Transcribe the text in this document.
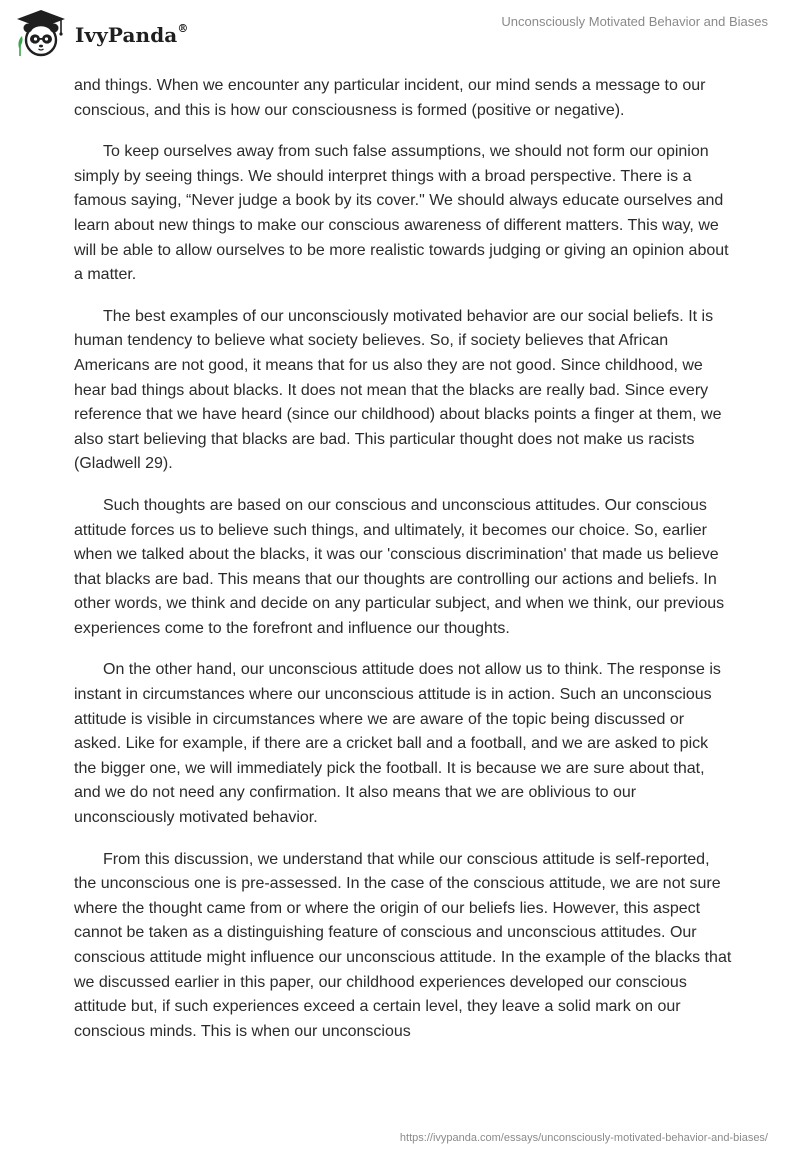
IvyPanda®	Unconsciously Motivated Behavior and Biases

and things. When we encounter any particular incident, our mind sends a message to our conscious, and this is how our consciousness is formed (positive or negative).

To keep ourselves away from such false assumptions, we should not form our opinion simply by seeing things. We should interpret things with a broad perspective. There is a famous saying, “Never judge a book by its cover." We should always educate ourselves and learn about new things to make our conscious awareness of different matters. This way, we will be able to allow ourselves to be more realistic towards judging or giving an opinion about a matter.

The best examples of our unconsciously motivated behavior are our social beliefs. It is human tendency to believe what society believes. So, if society believes that African Americans are not good, it means that for us also they are not good. Since childhood, we hear bad things about blacks. It does not mean that the blacks are really bad. Since every reference that we have heard (since our childhood) about blacks points a finger at them, we also start believing that blacks are bad. This particular thought does not make us racists (Gladwell 29).

Such thoughts are based on our conscious and unconscious attitudes. Our conscious attitude forces us to believe such things, and ultimately, it becomes our choice. So, earlier when we talked about the blacks, it was our 'conscious discrimination' that made us believe that blacks are bad. This means that our thoughts are controlling our actions and beliefs. In other words, we think and decide on any particular subject, and when we think, our previous experiences come to the forefront and influence our thoughts.

On the other hand, our unconscious attitude does not allow us to think. The response is instant in circumstances where our unconscious attitude is in action. Such an unconscious attitude is visible in circumstances where we are aware of the topic being discussed or asked. Like for example, if there are a cricket ball and a football, and we are asked to pick the bigger one, we will immediately pick the football. It is because we are sure about that, and we do not need any confirmation. It also means that we are oblivious to our unconsciously motivated behavior.

From this discussion, we understand that while our conscious attitude is self-reported, the unconscious one is pre-assessed. In the case of the conscious attitude, we are not sure where the thought came from or where the origin of our beliefs lies. However, this aspect cannot be taken as a distinguishing feature of conscious and unconscious attitudes. Our conscious attitude might influence our unconscious attitude. In the example of the blacks that we discussed earlier in this paper, our childhood experiences developed our conscious attitude but, if such experiences exceed a certain level, they leave a solid mark on our conscious minds. This is when our unconscious

https://ivypanda.com/essays/unconsciously-motivated-behavior-and-biases/
